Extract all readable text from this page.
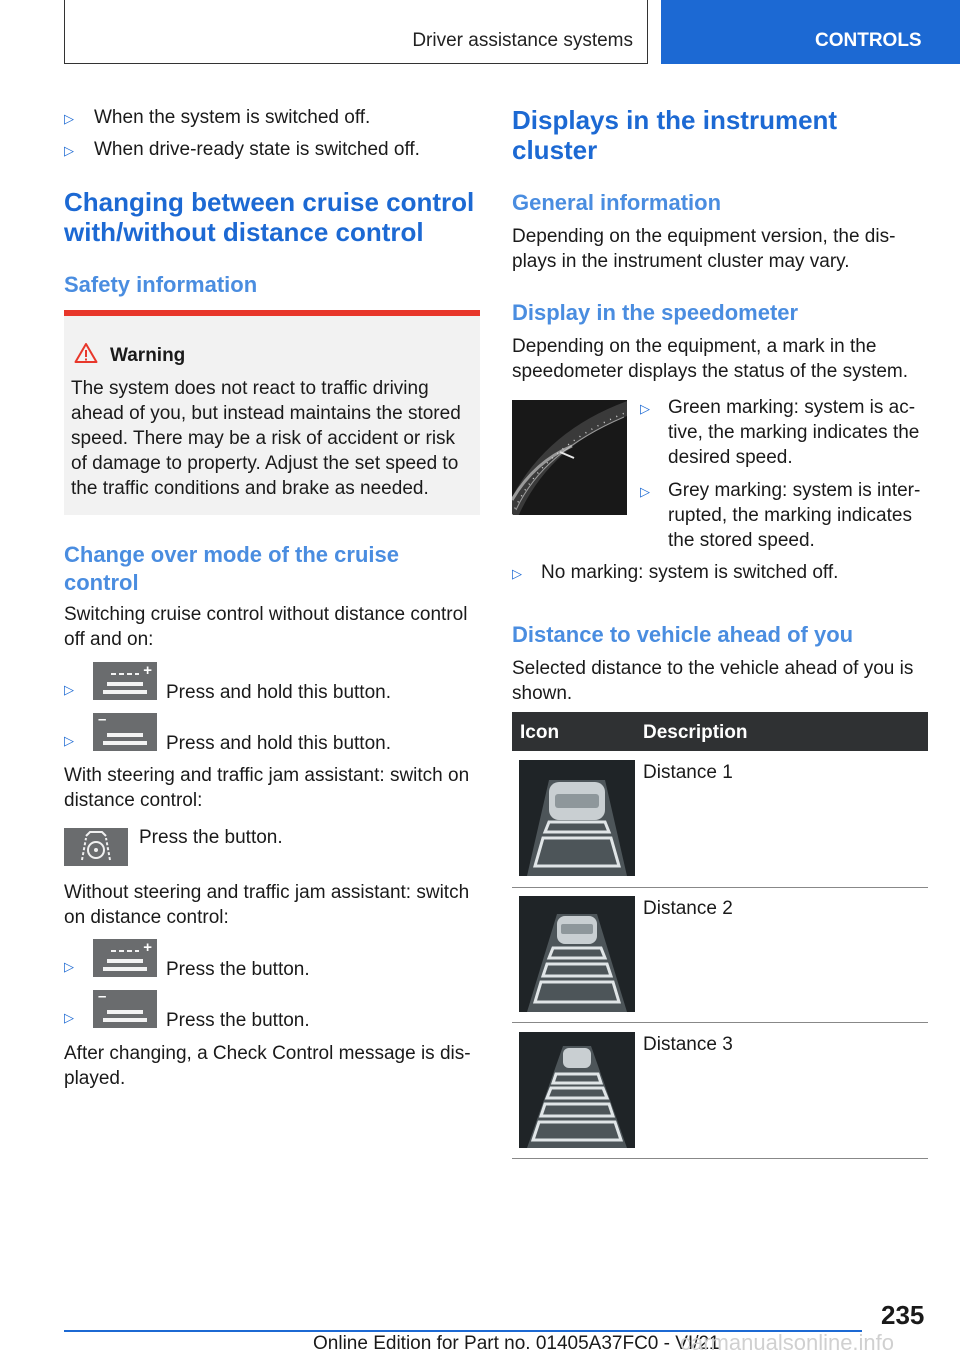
Driver assistance systems	CONTROLS
▷ When the system is switched off.
▷ When drive-ready state is switched off.
Changing between cruise control
with/without distance control
Safety information
Warning
The system does not react to traffic driving
ahead of you, but instead maintains the stored
speed. There may be a risk of accident or risk
of damage to property. Adjust the set speed to
the traffic conditions and brake as needed.
Change over mode of the cruise
control
Switching cruise control without distance control
off and on:
▷
+
Press and hold this button.
▷
–
Press and hold this button.
With steering and traffic jam assistant: switch on
distance control:
Press the button.
Without steering and traffic jam assistant: switch
on distance control:
▷
+
Press the button.
▷
–
Press the button.
After changing, a Check Control message is dis-
played.
Displays in the instrument
cluster
General information
Depending on the equipment version, the dis-
plays in the instrument cluster may vary.
Display in the speedometer
Depending on the equipment, a mark in the
speedometer displays the status of the system.
▷ Green marking: system is ac-
tive, the marking indicates the
desired speed.
▷ Grey marking: system is inter-
rupted, the marking indicates
the stored speed.
▷ No marking: system is switched off.
Distance to vehicle ahead of you
Selected distance to the vehicle ahead of you is
shown.
Icon	Description
Distance 1
Distance 2
Distance 3
235
Online Edition for Part no. 01405A37FC0 - VI/21
carmanualsonline.info
